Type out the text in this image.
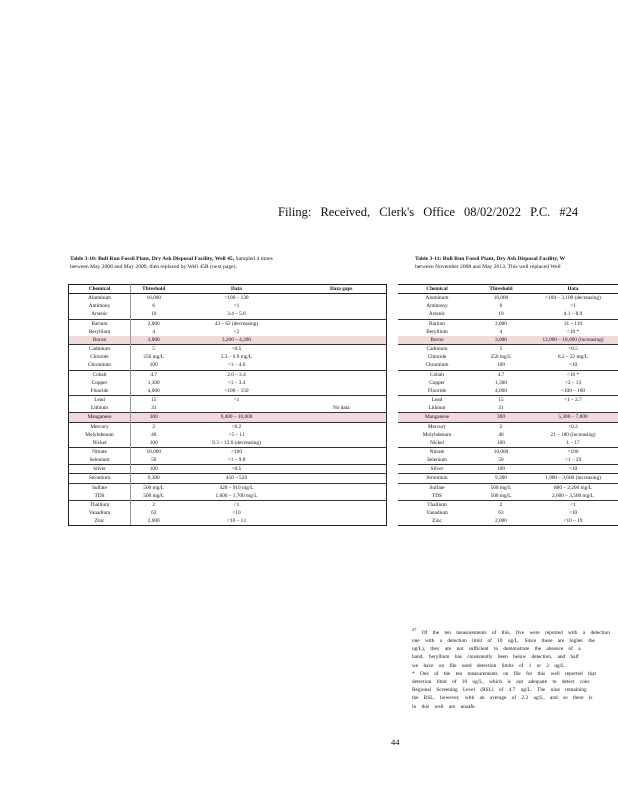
Filing: Received, Clerk's Office 08/02/2022 P.C. #24
Table 3-10: Bull Run Fossil Plant, Dry Ash Disposal Facility, Well 45, Sampled 4 times
between May 2008 and May 2009, then replaced by Well 45R (next page).
Chemical	Threshold	Data	Data gaps
Aluminum	16,000	<100 – 130	
Antimony	6	<1	
Arsenic	10	3.4 – 5.6	
Barium	2,000	43 – 62 (decreasing)	
Beryllium	4	<2	
Boron	3,000	3,200 – 4,200	
Cadmium	5	<0.5	
Chloride	250 mg/L	5.3 – 6.9 mg/L	
Chromium	100	<1 – 4.6	
Cobalt	4.7	2.0 – 2.4	
Copper	1,300	<1 – 3.4	
Fluoride	4,000	<100 – 150	
Lead	15	<1	
Lithium	31		No data
Manganese	300	9,400 – 10,000	
Mercury	2	<0.2	
Molybdenum	40	<5 – 11	
Nickel	100	9.3 – 12.0 (decreasing)	
Nitrate	10,000	<100	
Selenium	50	<1 – 9.8	
Silver	100	<0.5	
Strontium	9,300	450 – 520	
Sulfate	500 mg/L	420 – 910 mg/L	
TDS	500 mg/L	1,600 – 1,700 mg/L	
Thallium	2	<1	
Vanadium	63	<10	
Zinc	2,000	<10 – 13	
Table 3-11: Bull Run Fossil Plant, Dry Ash Disposal Facility, W
between November 2008 and May 2013. This well replaced Well
Chemical	Threshold	Data
Aluminum	16,000	<100 – 3,100 (decreasing)
Antimony	6	<1
Arsenic	10	4.1 – 8.9
Barium	2,000	31 – 110
Beryllium	4	<10 *
Boron	3,000	12,000 – 18,000 (increasing)
Cadmium	5	<0.5
Chloride	250 mg/L	8.2 – 22 mg/L
Chromium	100	<10
Cobalt	4.7	<10 *
Copper	1,300	<2 – 13
Fluoride	4,000	<100 – 160
Lead	15	<1 – 2.7
Lithium	31	
Manganese	300	5,300 – 7,800
Mercury	2	<0.2
Molybdenum	40	21 – 180 (increasing)
Nickel	100	1 – 17
Nitrate	10,000	<100
Selenium	50	<1 – 29
Silver	100	<10
Strontium	9,300	1,900 – 3,600 (increasing)
Sulfate	500 mg/L	800 – 2,200 mg/L
TDS	500 mg/L	2,600 – 3,500 mg/L
Thallium	2	<1
Vanadium	63	<10
Zinc	2,000	<10 – 19

$^{47}$ Of the ten measurements of this, five were reported with a detection

one with a detection limit of 10 ug/L. Since these are higher the

ug/L), they are not sufficient to demonstrate the absence of a

hand, beryllium has consistently been below detection, and half

we have on file used detection limits of 1 or 2 ug/L.

* One of the ten measurements on file for this well reported that

detection limit of 10 ug/L, which is not adequate to detect conc

Regional Screening Level (RSL) of 4.7 ug/L. The nine remaining

the RSL, however, with an average of 2.3 ug/L, and so there is

in this well are unsafe.

44
